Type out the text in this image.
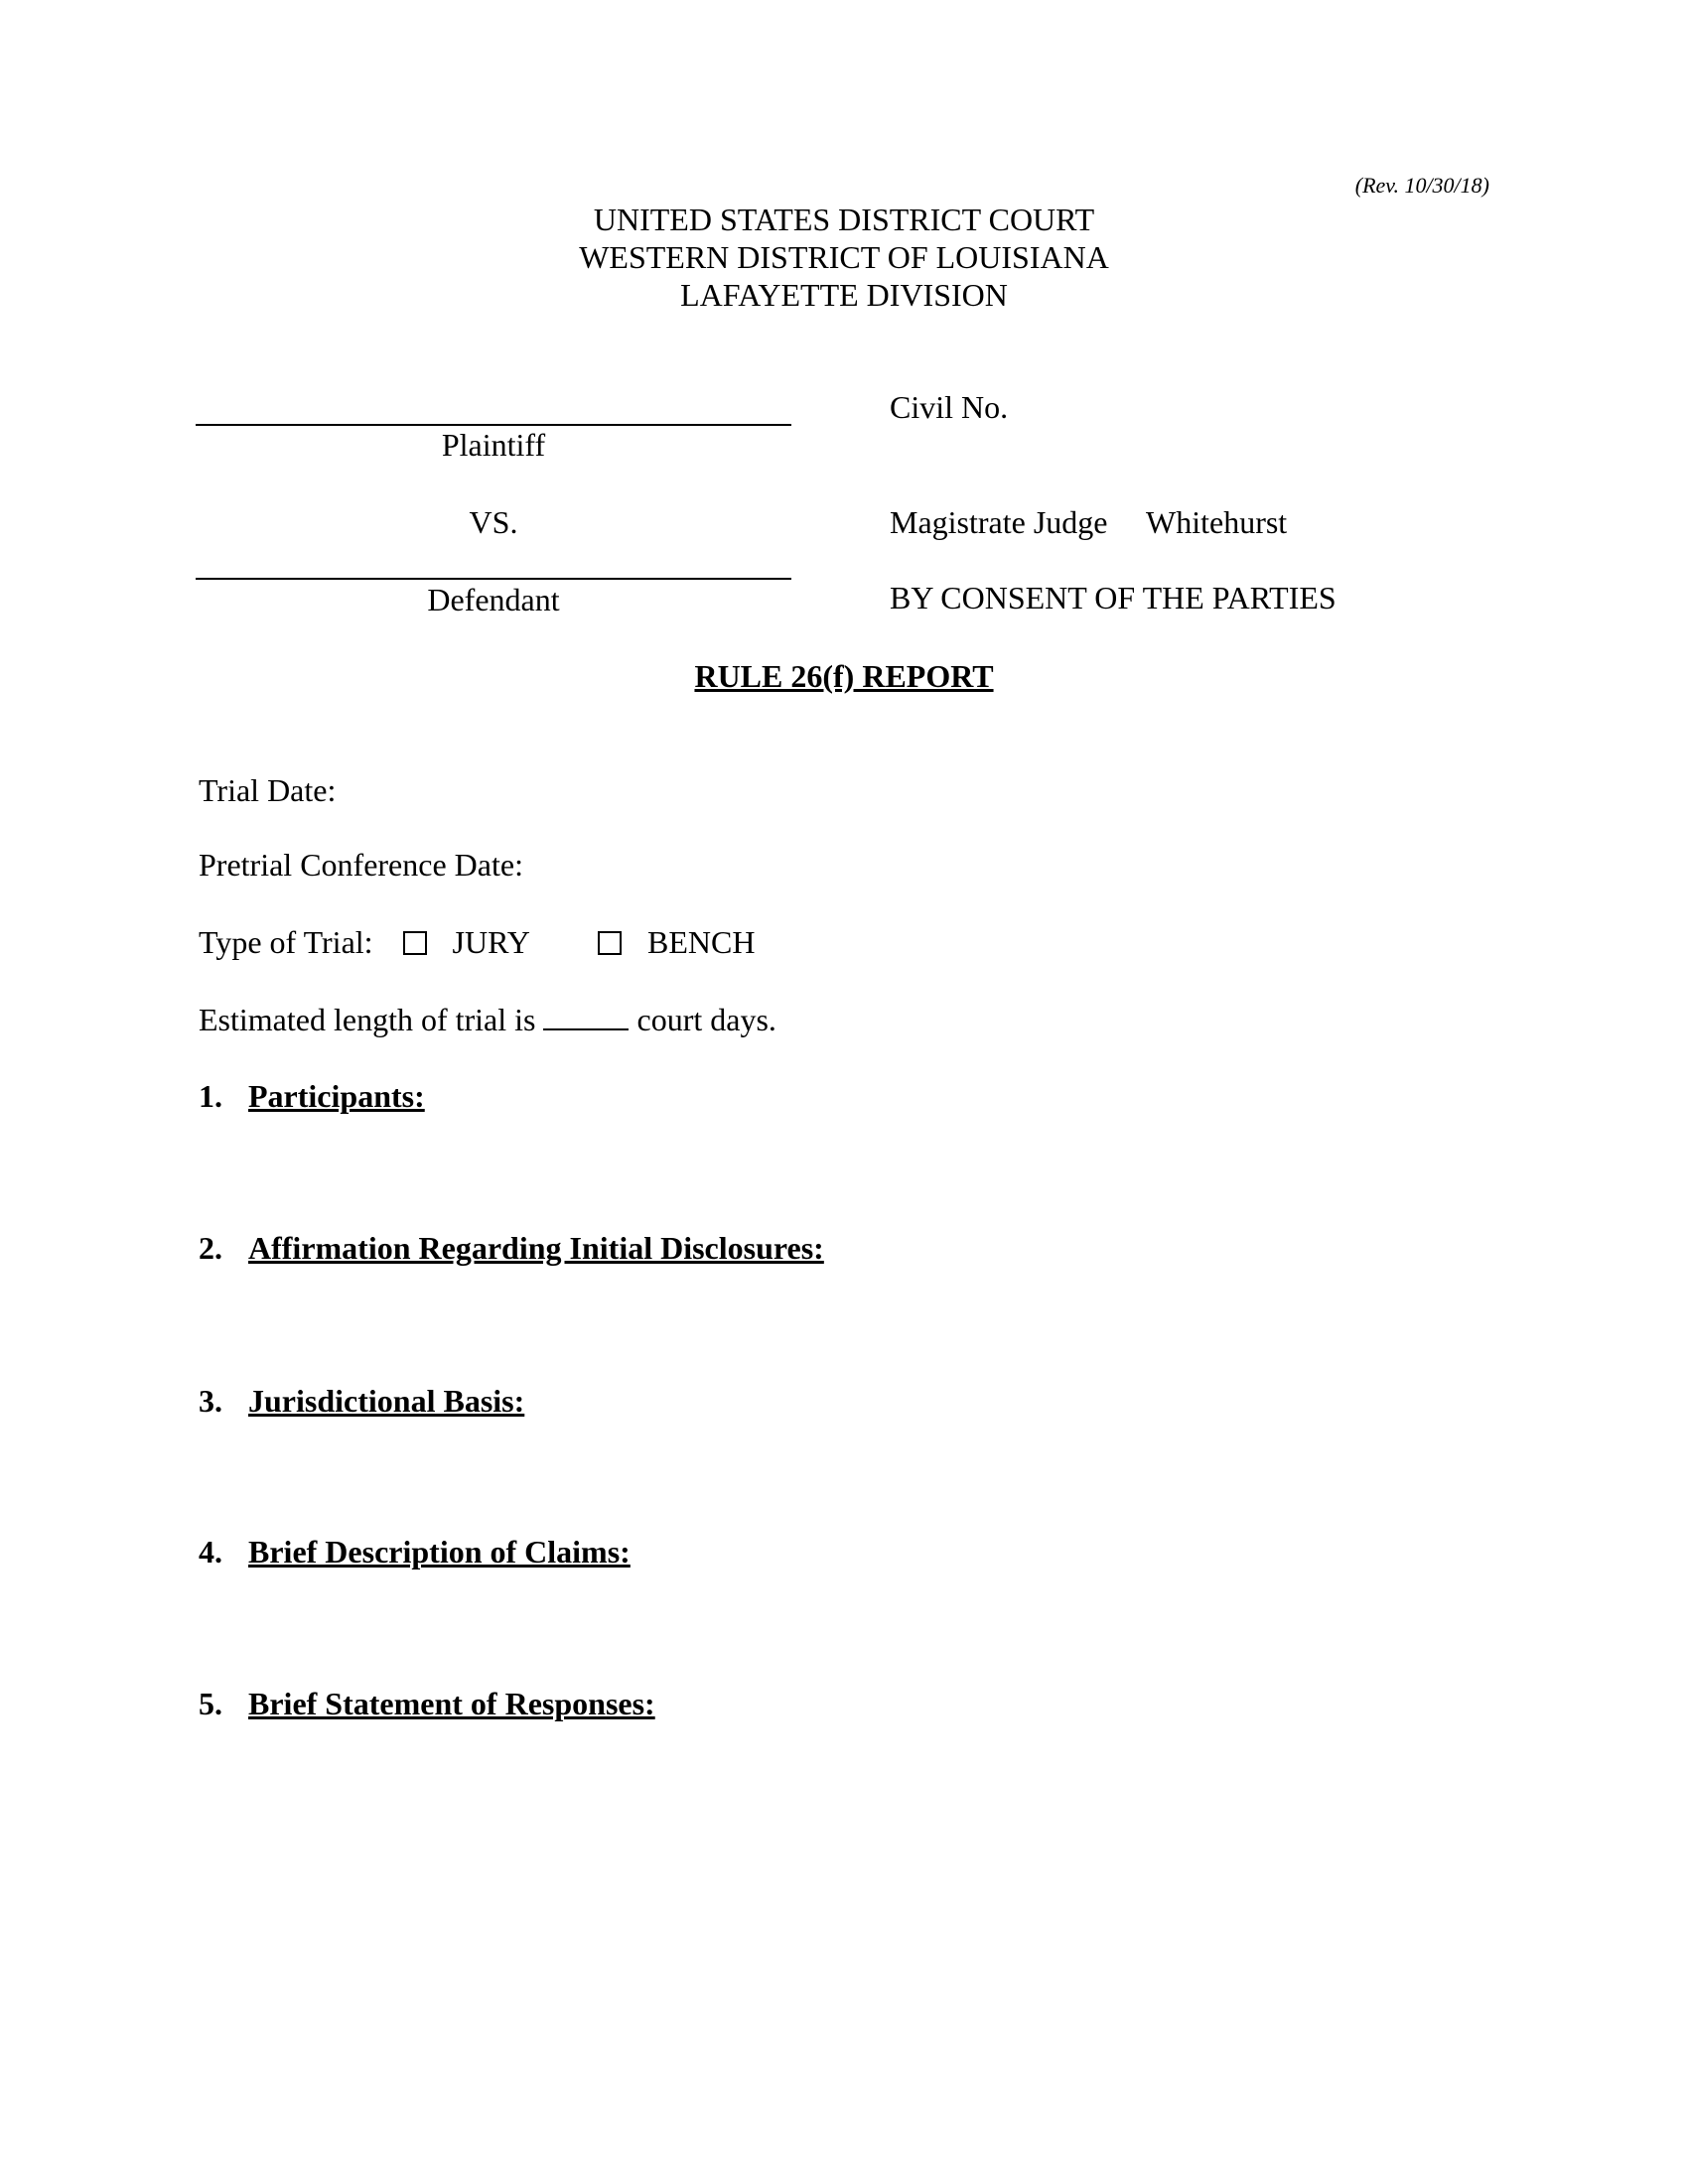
(Rev. 10/30/18)
UNITED STATES DISTRICT COURT
WESTERN DISTRICT OF LOUISIANA
LAFAYETTE DIVISION
Plaintiff
VS.
Defendant
Civil No.
Magistrate Judge Whitehurst
BY CONSENT OF THE PARTIES
RULE 26(f) REPORT
Trial Date:
Pretrial Conference Date:
Type of Trial:	JURY	BENCH
Estimated length of trial is	court days.
1. Participants:
2. Affirmation Regarding Initial Disclosures:
3. Jurisdictional Basis:
4. Brief Description of Claims:
5. Brief Statement of Responses:
